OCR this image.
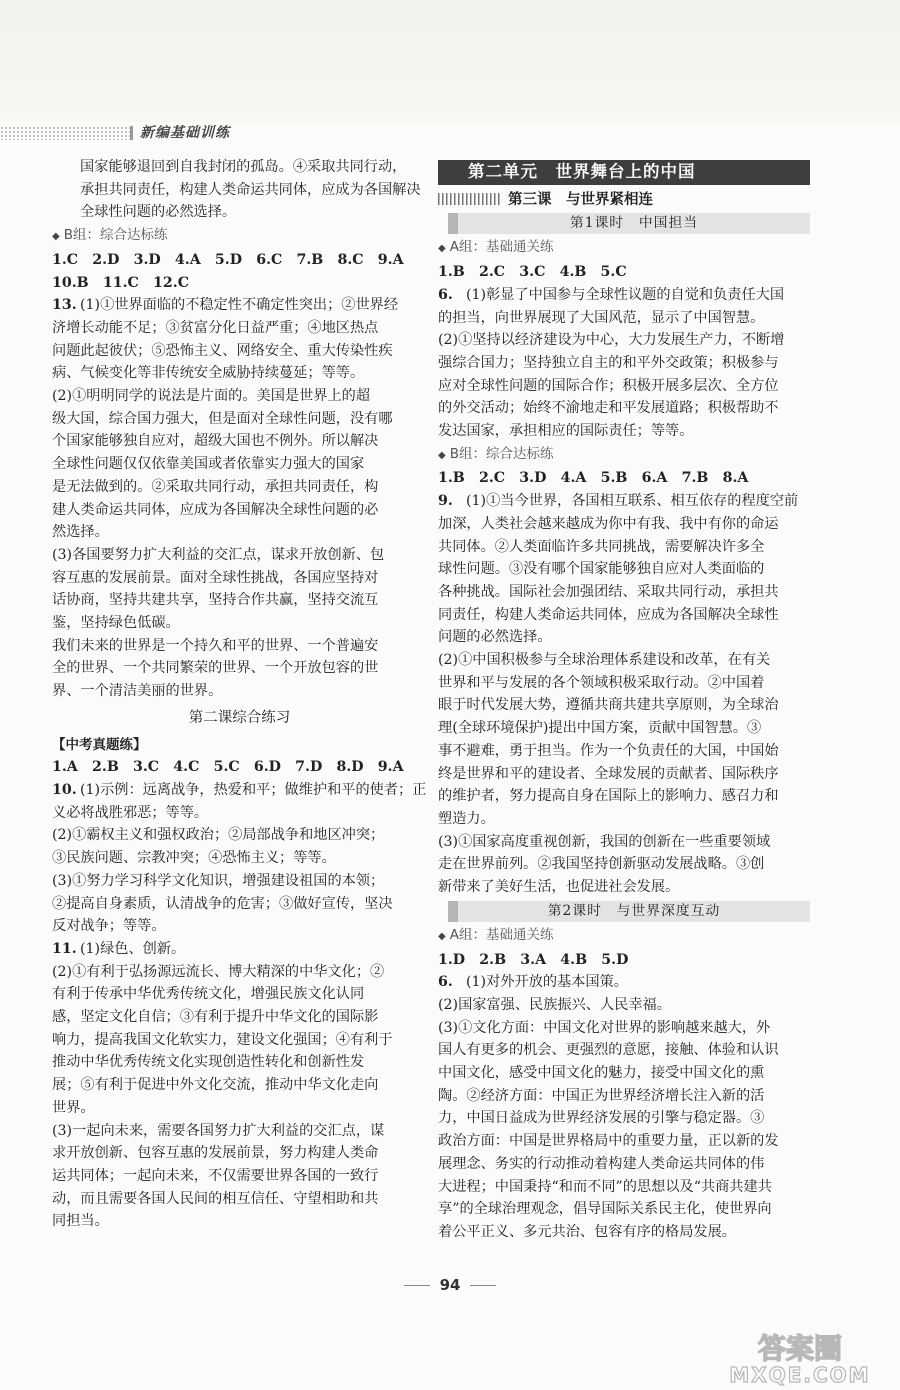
新编基础训练

国家能够退回到自我封闭的孤岛。④采取共同行动，

承担共同责任，构建人类命运共同体，应成为各国解决

全球性问题的必然选择。

◆ B组：综合达标练

1.C　2.D　3.D　4.A　5.D　6.C　7.B　8.C　9.A

10.B　11.C　12.C

13. (1)①世界面临的不稳定性不确定性突出；②世界经

济增长动能不足；③贫富分化日益严重；④地区热点

问题此起彼伏；⑤恐怖主义、网络安全、重大传染性疾

病、气候变化等非传统安全威胁持续蔓延；等等。

(2)①明明同学的说法是片面的。美国是世界上的超

级大国，综合国力强大，但是面对全球性问题，没有哪

个国家能够独自应对，超级大国也不例外。所以解决

全球性问题仅仅依靠美国或者依靠实力强大的国家

是无法做到的。②采取共同行动，承担共同责任，构

建人类命运共同体，应成为各国解决全球性问题的必

然选择。

(3)各国要努力扩大利益的交汇点，谋求开放创新、包

容互惠的发展前景。面对全球性挑战，各国应坚持对

话协商，坚持共建共享，坚持合作共赢，坚持交流互

鉴，坚持绿色低碳。

我们未来的世界是一个持久和平的世界、一个普遍安

全的世界、一个共同繁荣的世界、一个开放包容的世

界、一个清洁美丽的世界。

第二课综合练习

【中考真题练】

1.A　2.B　3.C　4.C　5.C　6.D　7.D　8.D　9.A

10. (1)示例：远离战争，热爱和平；做维护和平的使者；正

义必将战胜邪恶；等等。

(2)①霸权主义和强权政治；②局部战争和地区冲突；

③民族问题、宗教冲突；④恐怖主义；等等。

(3)①努力学习科学文化知识，增强建设祖国的本领；

②提高自身素质，认清战争的危害；③做好宣传，坚决

反对战争；等等。

11. (1)绿色、创新。

(2)①有利于弘扬源远流长、博大精深的中华文化；②

有利于传承中华优秀传统文化，增强民族文化认同

感，坚定文化自信；③有利于提升中华文化的国际影

响力，提高我国文化软实力，建设文化强国；④有利于

推动中华优秀传统文化实现创造性转化和创新性发

展；⑤有利于促进中外文化交流，推动中华文化走向

世界。

(3)一起向未来，需要各国努力扩大利益的交汇点，谋

求开放创新、包容互惠的发展前景，努力构建人类命

运共同体；一起向未来，不仅需要世界各国的一致行

动，而且需要各国人民间的相互信任、守望相助和共

同担当。

第二单元　世界舞台上的中国

第三课　与世界紧相连

第1课时　中国担当

◆ A组：基础通关练

1.B　2.C　3.C　4.B　5.C

6. (1)彰显了中国参与全球性议题的自觉和负责任大国

的担当，向世界展现了大国风范，显示了中国智慧。

(2)①坚持以经济建设为中心，大力发展生产力，不断增

强综合国力；坚持独立自主的和平外交政策；积极参与

应对全球性问题的国际合作；积极开展多层次、全方位

的外交活动；始终不渝地走和平发展道路；积极帮助不

发达国家，承担相应的国际责任；等等。

◆ B组：综合达标练

1.B　2.C　3.D　4.A　5.B　6.A　7.B　8.A

9. (1)①当今世界，各国相互联系、相互依存的程度空前

加深，人类社会越来越成为你中有我、我中有你的命运

共同体。②人类面临许多共同挑战，需要解决许多全

球性问题。③没有哪个国家能够独自应对人类面临的

各种挑战。国际社会加强团结、采取共同行动，承担共

同责任，构建人类命运共同体，应成为各国解决全球性

问题的必然选择。

(2)①中国积极参与全球治理体系建设和改革，在有关

世界和平与发展的各个领域积极采取行动。②中国着

眼于时代发展大势，遵循共商共建共享原则，为全球治

理(全球环境保护)提出中国方案，贡献中国智慧。③

事不避难，勇于担当。作为一个负责任的大国，中国始

终是世界和平的建设者、全球发展的贡献者、国际秩序

的维护者，努力提高自身在国际上的影响力、感召力和

塑造力。

(3)①国家高度重视创新，我国的创新在一些重要领域

走在世界前列。②我国坚持创新驱动发展战略。③创

新带来了美好生活，也促进社会发展。

第2课时　与世界深度互动

◆ A组：基础通关练

1.D　2.B　3.A　4.B　5.D

6. (1)对外开放的基本国策。

(2)国家富强、民族振兴、人民幸福。

(3)①文化方面：中国文化对世界的影响越来越大，外

国人有更多的机会、更强烈的意愿，接触、体验和认识

中国文化，感受中国文化的魅力，接受中国文化的熏

陶。②经济方面：中国正为世界经济增长注入新的活

力，中国日益成为世界经济发展的引擎与稳定器。③

政治方面：中国是世界格局中的重要力量，正以新的发

展理念、务实的行动推动着构建人类命运共同体的伟

大进程；中国秉持“和而不同”的思想以及“共商共建共

享”的全球治理观念，倡导国际关系民主化，使世界向

着公平正义、多元共治、包容有序的格局发展。

94
答案圈
MXQE.COM
